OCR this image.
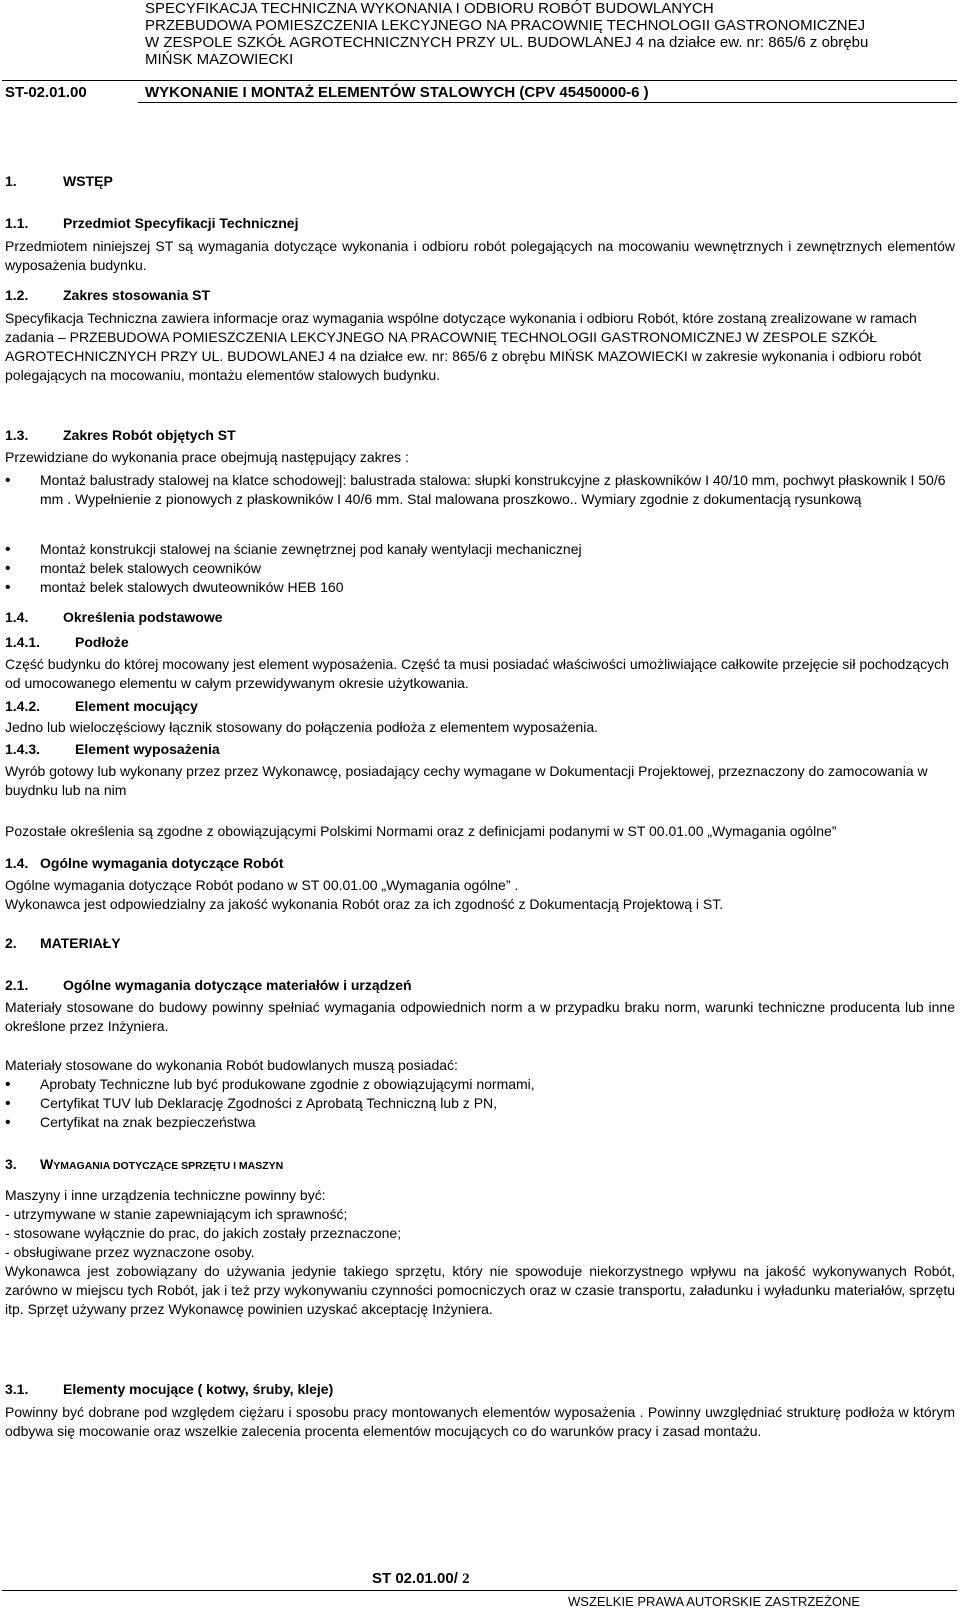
SPECYFIKACJA TECHNICZNA WYKONANIA I ODBIORU ROBÓT BUDOWLANYCH
PRZEBUDOWA POMIESZCZENIA LEKCYJNEGO NA PRACOWNIĘ TECHNOLOGII GASTRONOMICZNEJ
W ZESPOLE SZKÓŁ AGROTECHNICZNYCH PRZY UL. BUDOWLANEJ 4 na działce ew. nr: 865/6 z obrębu
MIŃSK MAZOWIECKI
ST-02.01.00	WYKONANIE I MONTAŻ ELEMENTÓW STALOWYCH (CPV 45450000-6 )
1.	WSTĘP
1.1. Przedmiot Specyfikacji Technicznej
Przedmiotem niniejszej ST są wymagania dotyczące wykonania i odbioru robót polegających na mocowaniu wewnętrznych i zewnętrznych elementów wyposażenia budynku.
1.2. Zakres stosowania ST
Specyfikacja Techniczna zawiera informacje oraz wymagania wspólne dotyczące wykonania i odbioru Robót, które zostaną zrealizowane w ramach zadania – PRZEBUDOWA POMIESZCZENIA LEKCYJNEGO NA PRACOWNIĘ TECHNOLOGII GASTRONOMICZNEJ W ZESPOLE SZKÓŁ AGROTECHNICZNYCH PRZY UL. BUDOWLANEJ 4 na działce ew. nr: 865/6 z obrębu MIŃSK MAZOWIECKI w zakresie wykonania i odbioru robót polegających na mocowaniu, montażu elementów stalowych budynku.
1.3. Zakres Robót objętych ST
Przewidziane do wykonania prace obejmują następujący zakres :
• Montaż balustrady stalowej na klatce schodowej|: balustrada stalowa: słupki konstrukcyjne z płaskowników I 40/10 mm, pochwyt płaskownik I 50/6 mm . Wypełnienie z pionowych z płaskowników I 40/6 mm. Stal malowana proszkowo.. Wymiary zgodnie z dokumentacją rysunkową
• Montaż konstrukcji stalowej na ścianie zewnętrznej pod kanały wentylacji mechanicznej
• montaż belek stalowych ceowników
• montaż belek stalowych dwuteowników HEB 160
1.4. Określenia podstawowe
1.4.1. Podłoże
Część budynku do której mocowany jest element wyposażenia. Część ta musi posiadać właściwości umożliwiające całkowite przejęcie sił pochodzących od umocowanego elementu w całym przewidywanym okresie użytkowania.
1.4.2. Element mocujący
Jedno lub wieloczęściowy łącznik stosowany do połączenia podłoża z elementem wyposażenia.
1.4.3. Element wyposażenia
Wyrób gotowy lub wykonany przez przez Wykonawcę, posiadający cechy wymagane w Dokumentacji Projektowej, przeznaczony do zamocowania w buydnku lub na nim
Pozostałe określenia są zgodne z obowiązującymi Polskimi Normami oraz z definicjami podanymi w ST 00.01.00 „Wymagania ogólne”
1.4. Ogólne wymagania dotyczące Robót
Ogólne wymagania dotyczące Robót podano w ST 00.01.00 „Wymagania ogólne” .
Wykonawca jest odpowiedzialny za jakość wykonania Robót oraz za ich zgodność z Dokumentacją Projektową i ST.
2. MATERIAŁY
2.1. Ogólne wymagania dotyczące materiałów i urządzeń
Materiały stosowane do budowy powinny spełniać wymagania odpowiednich norm a w przypadku braku norm, warunki techniczne producenta lub inne określone przez Inżyniera.
Materiały stosowane do wykonania Robót budowlanych muszą posiadać:
• Aprobaty Techniczne lub być produkowane zgodnie z obowiązującymi normami,
• Certyfikat TUV lub Deklarację Zgodności z Aprobatą Techniczną lub z PN,
• Certyfikat na znak bezpieczeństwa
3. WYMAGANIA DOTYCZĄCE SPRZĘTU I MASZYN
Maszyny i inne urządzenia techniczne powinny być:
- utrzymywane w stanie zapewniającym ich sprawność;
- stosowane wyłącznie do prac, do jakich zostały przeznaczone;
- obsługiwane przez wyznaczone osoby.
Wykonawca jest zobowiązany do używania jedynie takiego sprzętu, który nie spowoduje niekorzystnego wpływu na jakość wykonywanych Robót, zarówno w miejscu tych Robót, jak i też przy wykonywaniu czynności pomocniczych oraz w czasie transportu, załadunku i wyładunku materiałów, sprzętu itp. Sprzęt używany przez Wykonawcę powinien uzyskać akceptację Inżyniera.
3.1. Elementy mocujące ( kotwy, śruby, kleje)
Powinny być dobrane pod względem ciężaru i sposobu pracy montowanych elementów wyposażenia . Powinny uwzględniać strukturę podłoża w którym odbywa się mocowanie oraz wszelkie zalecenia procenta elementów mocujących co do warunków pracy i zasad montażu.
ST 02.01.00/ 2
WSZELKIE PRAWA AUTORSKIE ZASTRZEŻONE
